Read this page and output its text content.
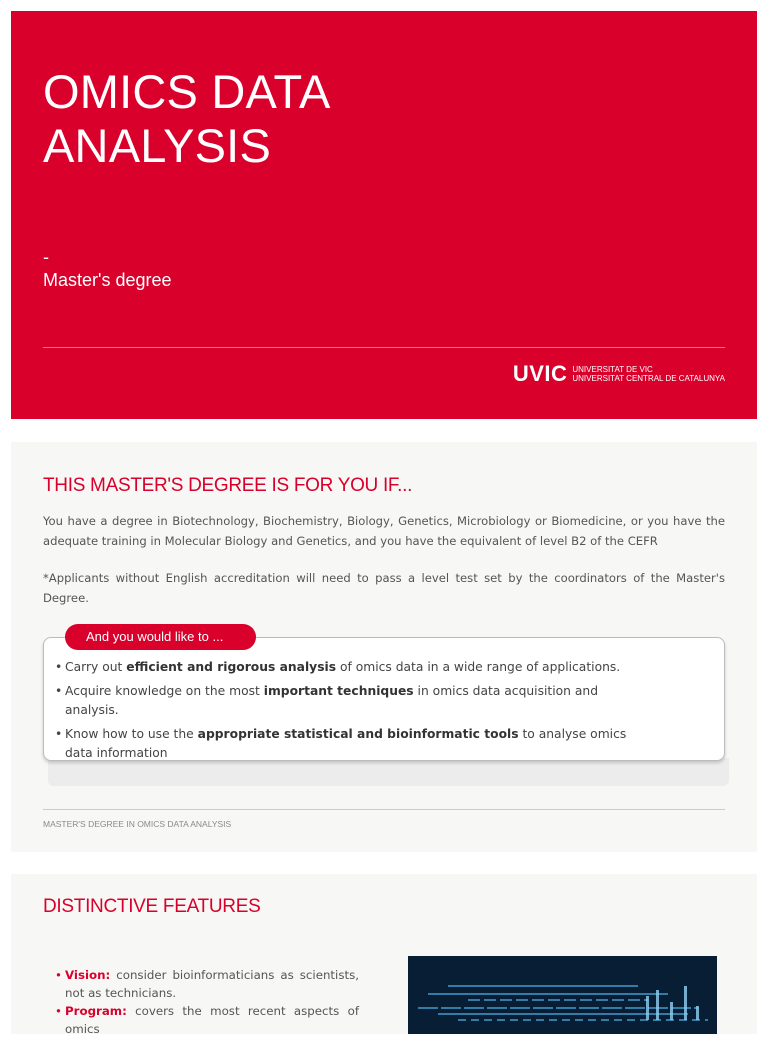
OMICS DATA
ANALYSIS
-
Master's degree
UVIC UNIVERSITAT DE VIC
UNIVERSITAT CENTRAL DE CATALUNYA
THIS MASTER'S DEGREE IS FOR YOU IF...

You have a degree in Biotechnology, Biochemistry, Biology, Genetics, Microbiology or Biomedicine, or you have the adequate training in Molecular Biology and Genetics, and you have the equivalent of level B2 of the CEFR

*Applicants without English accreditation will need to pass a level test set by the coordinators of the Master's Degree.

And you would like to ...
• Carry out efficient and rigorous analysis of omics data in a wide range of applications.
• Acquire knowledge on the most important techniques in omics data acquisition and analysis.
• Know how to use the appropriate statistical and bioinformatic tools to analyse omics data information
MASTER'S DEGREE IN OMICS DATA ANALYSIS
DISTINCTIVE FEATURES
• Vision: consider bioinformaticians as scientists, not as technicians.
• Program: covers the most recent aspects of omics
